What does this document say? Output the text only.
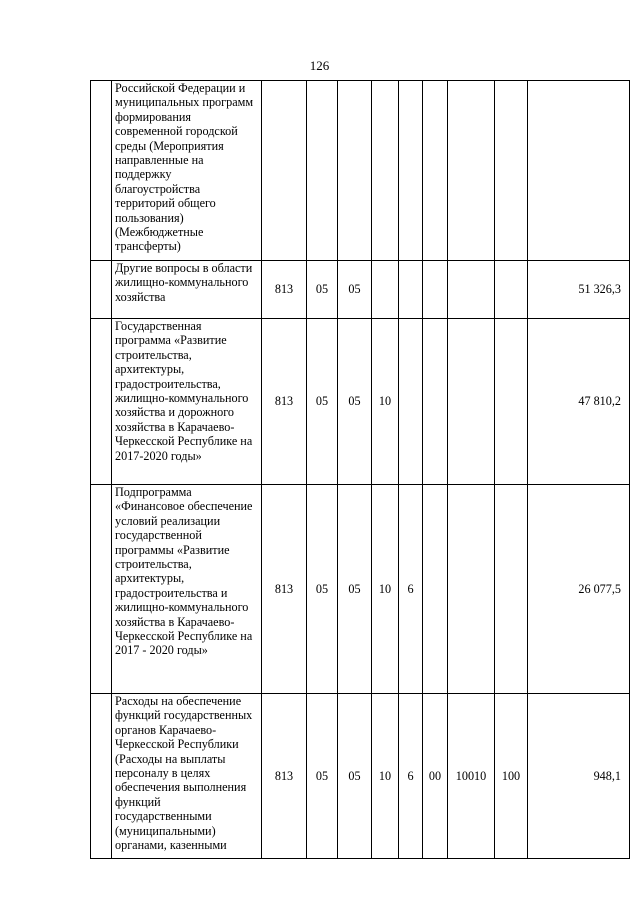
126
	Российской Федерации и муниципальных программ формирования современной городской среды (Мероприятия направленные на поддержку благоустройства территорий общего пользования) (Межбюджетные трансферты)									
	Другие вопросы в области жилищно-коммунального хозяйства	813	05	05						51 326,3
	Государственная программа «Развитие строительства, архитектуры, градостроительства, жилищно-коммунального хозяйства и дорожного хозяйства в Карачаево-Черкесской Республике на 2017-2020 годы»	813	05	05	10					47 810,2
	Подпрограмма «Финансовое обеспечение условий реализации государственной программы «Развитие строительства, архитектуры, градостроительства и жилищно-коммунального хозяйства в Карачаево-Черкесской Республике на 2017 - 2020 годы»	813	05	05	10	6				26 077,5
	Расходы на обеспечение функций государственных органов Карачаево-Черкесской Республики (Расходы на выплаты персоналу в целях обеспечения выполнения функций государственными (муниципальными) органами, казенными	813	05	05	10	6	00	10010	100	948,1
